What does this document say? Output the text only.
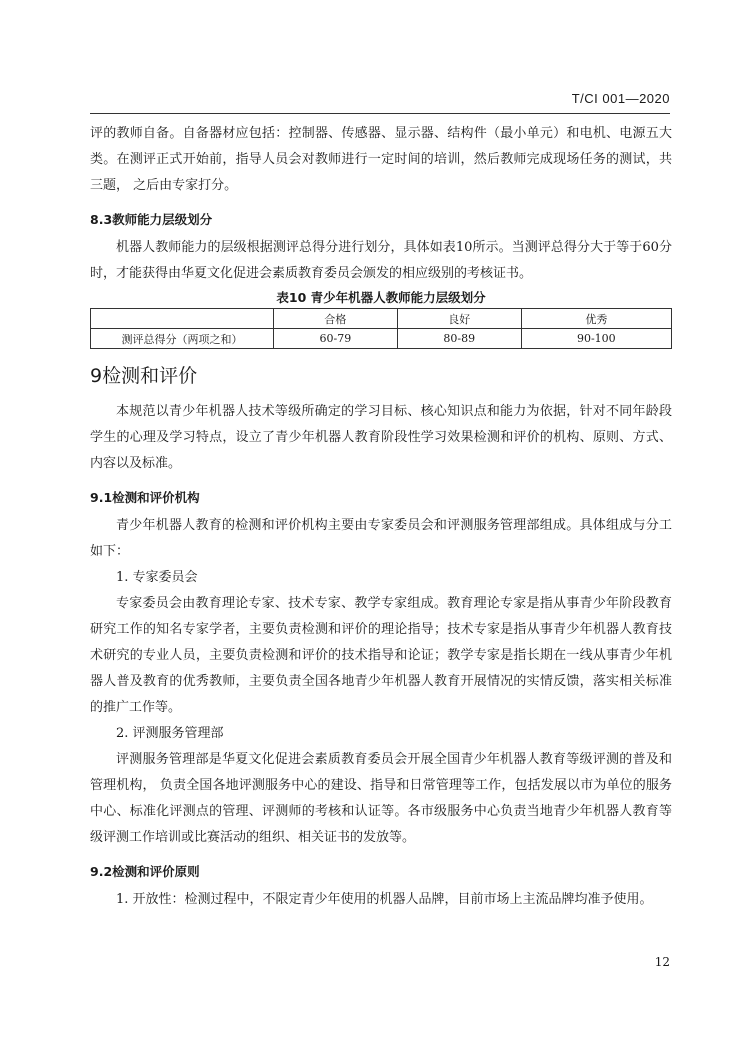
T/CI 001—2020

评的教师自备。自备器材应包括：控制器、传感器、显示器、结构件（最小单元）和电机、电源五大类。在测评正式开始前，指导人员会对教师进行一定时间的培训，然后教师完成现场任务的测试，共三题， 之后由专家打分。

8.3教师能力层级划分

机器人教师能力的层级根据测评总得分进行划分，具体如表10所示。当测评总得分大于等于60分时，才能获得由华夏文化促进会素质教育委员会颁发的相应级别的考核证书。

表10 青少年机器人教师能力层级划分
	合格	良好	优秀
测评总得分（两项之和）	60-79	80-89	90-100
9检测和评价

本规范以青少年机器人技术等级所确定的学习目标、核心知识点和能力为依据，针对不同年龄段学生的心理及学习特点，设立了青少年机器人教育阶段性学习效果检测和评价的机构、原则、方式、内容以及标准。

9.1检测和评价机构

青少年机器人教育的检测和评价机构主要由专家委员会和评测服务管理部组成。具体组成与分工如下：

1. 专家委员会

专家委员会由教育理论专家、技术专家、教学专家组成。教育理论专家是指从事青少年阶段教育研究工作的知名专家学者，主要负责检测和评价的理论指导；技术专家是指从事青少年机器人教育技术研究的专业人员，主要负责检测和评价的技术指导和论证；教学专家是指长期在一线从事青少年机器人普及教育的优秀教师，主要负责全国各地青少年机器人教育开展情况的实情反馈，落实相关标准的推广工作等。

2. 评测服务管理部

评测服务管理部是华夏文化促进会素质教育委员会开展全国青少年机器人教育等级评测的普及和管理机构， 负责全国各地评测服务中心的建设、指导和日常管理等工作，包括发展以市为单位的服务中心、标准化评测点的管理、评测师的考核和认证等。各市级服务中心负责当地青少年机器人教育等级评测工作培训或比赛活动的组织、相关证书的发放等。

9.2检测和评价原则

1. 开放性：检测过程中，不限定青少年使用的机器人品牌，目前市场上主流品牌均准予使用。

12
